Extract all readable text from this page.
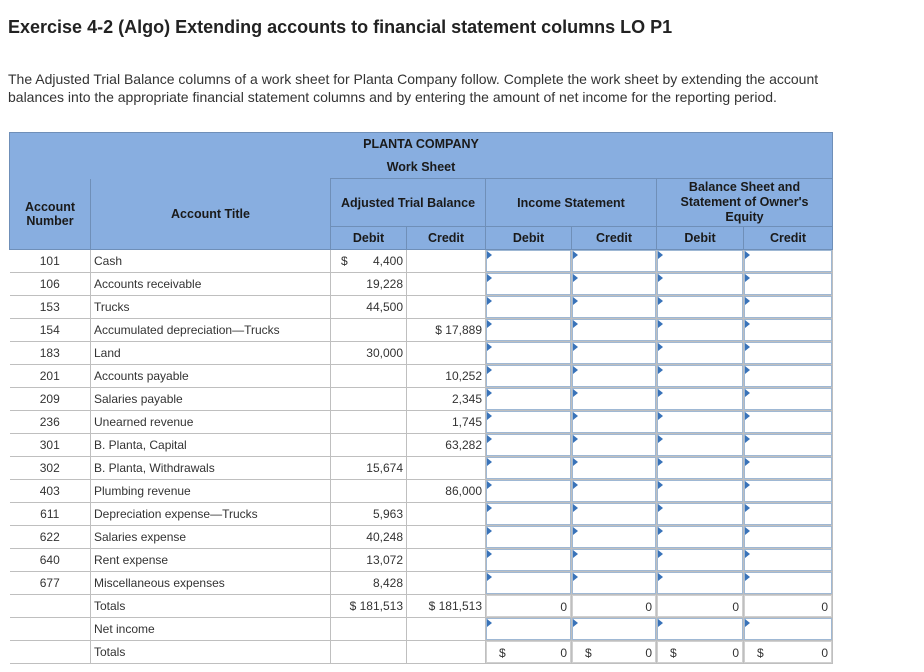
Exercise 4-2 (Algo) Extending accounts to financial statement columns LO P1

The Adjusted Trial Balance columns of a work sheet for Planta Company follow. Complete the work sheet by extending the account
balances into the appropriate financial statement columns and by entering the amount of net income for the reporting period.

PLANTA COMPANY							
Work Sheet							
Account Number	Account Title	Adjusted Trial Balance		Income Statement		Balance Sheet and Statement of Owner's Equity	
		Debit	Credit	Debit	Credit	Debit	Credit
101	Cash	$ 4,400		

106	Accounts receivable	19,228		

153	Trucks	44,500		

154	Accumulated depreciation—Trucks		$ 17,889	

183	Land	30,000		

201	Accounts payable		10,252	

209	Salaries payable		2,345	

236	Unearned revenue		1,745	

301	B. Planta, Capital		63,282	

302	B. Planta, Withdrawals	15,674		

403	Plumbing revenue		86,000	

611	Depreciation expense—Trucks	5,963		

622	Salaries expense	40,248		

640	Rent expense	13,072		

677	Miscellaneous expenses	8,428		

	Totals	$ 181,513	$ 181,513	0	0	0	0

	Net income			

	Totals			$ 0	$ 0	$ 0	$ 0
